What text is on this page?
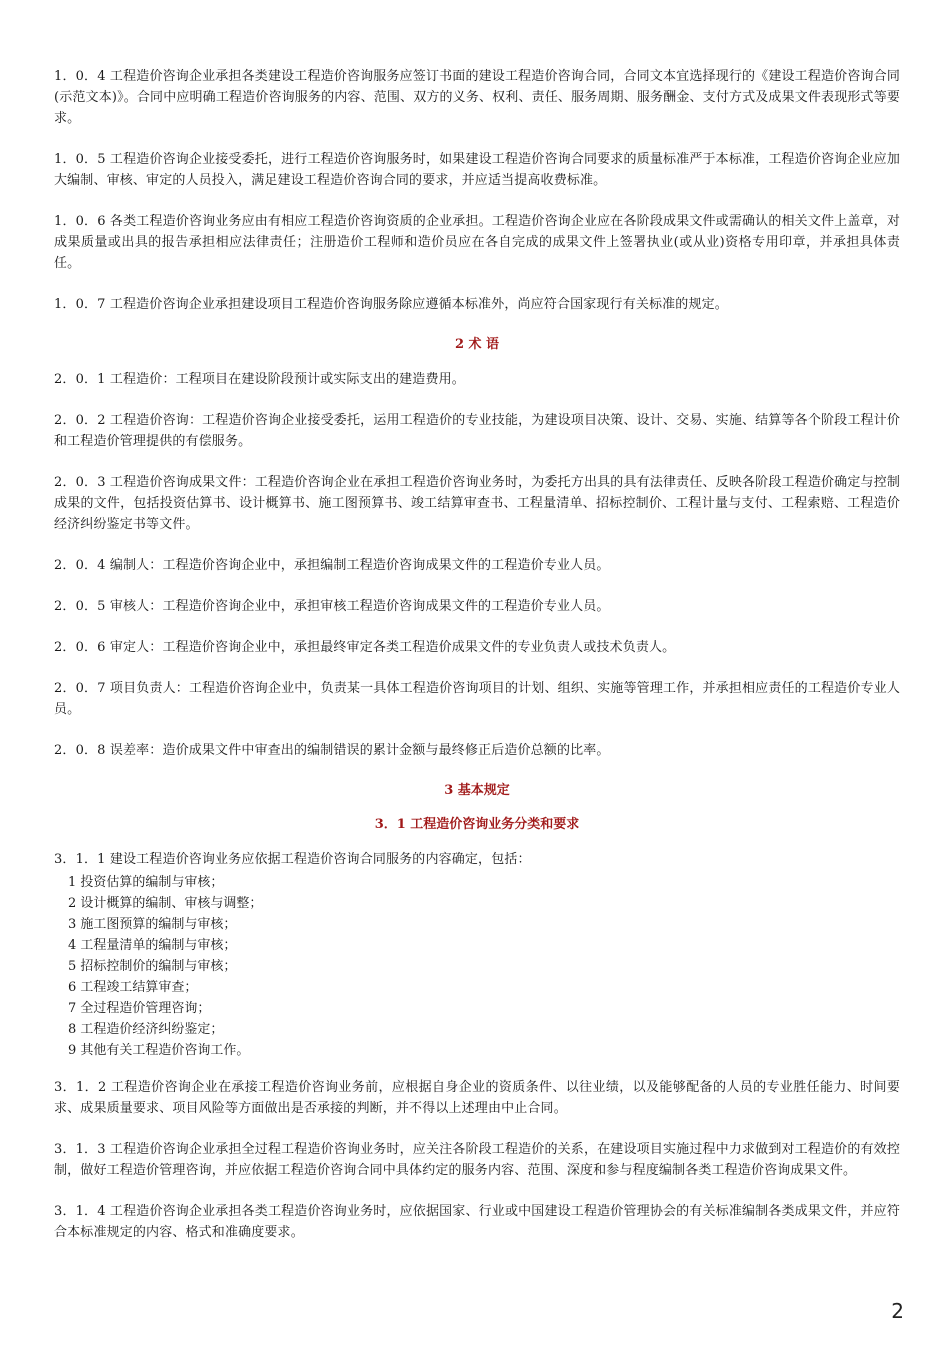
1．0．4 工程造价咨询企业承担各类建设工程造价咨询服务应签订书面的建设工程造价咨询合同，合同文本宜选择现行的《建设工程造价咨询合同(示范文本)》。合同中应明确工程造价咨询服务的内容、范围、双方的义务、权利、责任、服务周期、服务酬金、支付方式及成果文件表现形式等要求。

1．0．5 工程造价咨询企业接受委托，进行工程造价咨询服务时，如果建设工程造价咨询合同要求的质量标准严于本标准，工程造价咨询企业应加大编制、审核、审定的人员投入，满足建设工程造价咨询合同的要求，并应适当提高收费标准。

1．0．6 各类工程造价咨询业务应由有相应工程造价咨询资质的企业承担。工程造价咨询企业应在各阶段成果文件或需确认的相关文件上盖章，对成果质量或出具的报告承担相应法律责任；注册造价工程师和造价员应在各自完成的成果文件上签署执业(或从业)资格专用印章，并承担具体责任。

1．0．7 工程造价咨询企业承担建设项目工程造价咨询服务除应遵循本标准外，尚应符合国家现行有关标准的规定。

2 术 语

2．0．1 工程造价：工程项目在建设阶段预计或实际支出的建造费用。

2．0．2 工程造价咨询：工程造价咨询企业接受委托，运用工程造价的专业技能，为建设项目决策、设计、交易、实施、结算等各个阶段工程计价和工程造价管理提供的有偿服务。

2．0．3 工程造价咨询成果文件：工程造价咨询企业在承担工程造价咨询业务时，为委托方出具的具有法律责任、反映各阶段工程造价确定与控制成果的文件，包括投资估算书、设计概算书、施工图预算书、竣工结算审查书、工程量清单、招标控制价、工程计量与支付、工程索赔、工程造价经济纠纷鉴定书等文件。

2．0．4 编制人：工程造价咨询企业中，承担编制工程造价咨询成果文件的工程造价专业人员。

2．0．5 审核人：工程造价咨询企业中，承担审核工程造价咨询成果文件的工程造价专业人员。

2．0．6 审定人：工程造价咨询企业中，承担最终审定各类工程造价成果文件的专业负责人或技术负责人。

2．0．7 项目负责人：工程造价咨询企业中，负责某一具体工程造价咨询项目的计划、组织、实施等管理工作，并承担相应责任的工程造价专业人员。

2．0．8 误差率：造价成果文件中审查出的编制错误的累计金额与最终修正后造价总额的比率。

3 基本规定
3．1 工程造价咨询业务分类和要求

3．1．1 建设工程造价咨询业务应依据工程造价咨询合同服务的内容确定，包括：

1 投资估算的编制与审核；
2 设计概算的编制、审核与调整；
3 施工图预算的编制与审核；
4 工程量清单的编制与审核；
5 招标控制价的编制与审核；
6 工程竣工结算审查；
7 全过程造价管理咨询；
8 工程造价经济纠纷鉴定；
9 其他有关工程造价咨询工作。

3．1．2 工程造价咨询企业在承接工程造价咨询业务前，应根据自身企业的资质条件、以往业绩，以及能够配备的人员的专业胜任能力、时间要求、成果质量要求、项目风险等方面做出是否承接的判断，并不得以上述理由中止合同。

3．1．3 工程造价咨询企业承担全过程工程造价咨询业务时，应关注各阶段工程造价的关系，在建设项目实施过程中力求做到对工程造价的有效控制，做好工程造价管理咨询，并应依据工程造价咨询合同中具体约定的服务内容、范围、深度和参与程度编制各类工程造价咨询成果文件。

3．1．4 工程造价咨询企业承担各类工程造价咨询业务时，应依据国家、行业或中国建设工程造价管理协会的有关标准编制各类成果文件，并应符合本标准规定的内容、格式和准确度要求。

2
